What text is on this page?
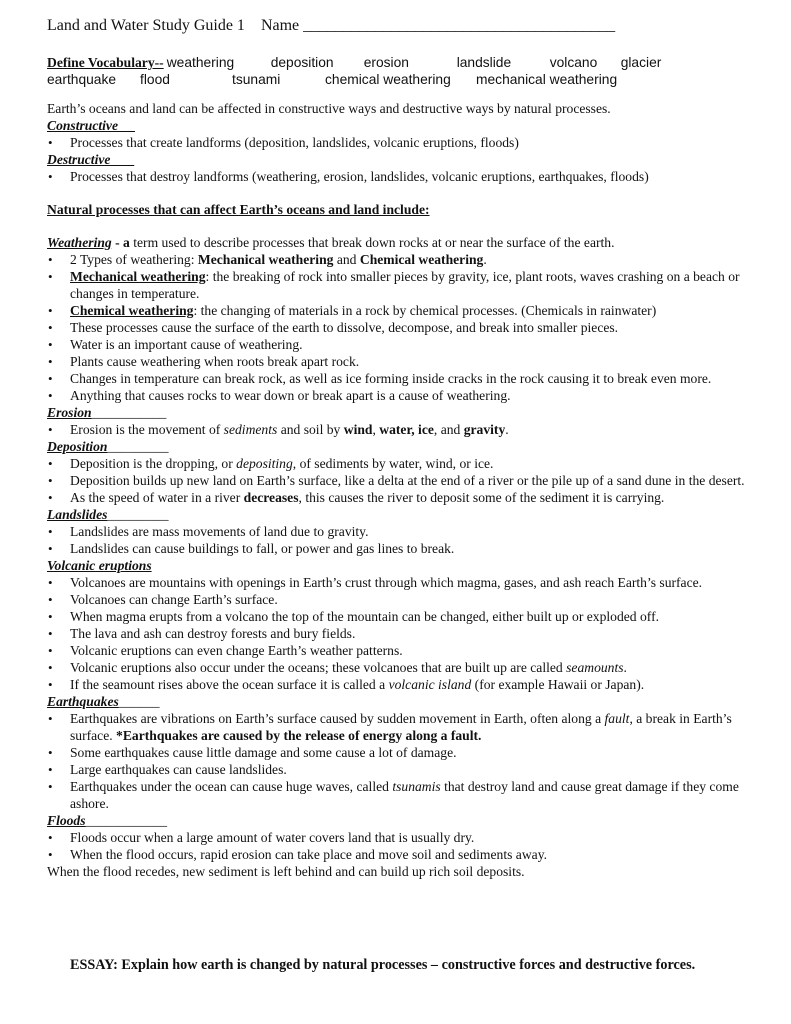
Land and Water Study Guide 1 Name _______________________________________
Define Vocabulary-- weathering	deposition	erosion	landslide	volcano	glacier
earthquake	flood	tsunami	chemical weathering	mechanical weathering

Earth’s oceans and land can be affected in constructive ways and destructive ways by natural processes.

Constructive

• Processes that create landforms (deposition, landslides, volcanic eruptions, floods)

Destructive

• Processes that destroy landforms (weathering, erosion, landslides, volcanic eruptions, earthquakes, floods)

Natural processes that can affect Earth’s oceans and land include:

Weathering - a term used to describe processes that break down rocks at or near the surface of the earth.

• 2 Types of weathering: Mechanical weathering and Chemical weathering.
• Mechanical weathering: the breaking of rock into smaller pieces by gravity, ice, plant roots, waves crashing on a beach or changes in temperature.
• Chemical weathering: the changing of materials in a rock by chemical processes. (Chemicals in rainwater)
• These processes cause the surface of the earth to dissolve, decompose, and break into smaller pieces.
• Water is an important cause of weathering.
• Plants cause weathering when roots break apart rock.
• Changes in temperature can break rock, as well as ice forming inside cracks in the rock causing it to break even more.
• Anything that causes rocks to wear down or break apart is a cause of weathering.

Erosion___________

• Erosion is the movement of sediments and soil by wind, water, ice, and gravity.

Deposition_________

• Deposition is the dropping, or depositing, of sediments by water, wind, or ice.
• Deposition builds up new land on Earth’s surface, like a delta at the end of a river or the pile up of a sand dune in the desert.
• As the speed of water in a river decreases, this causes the river to deposit some of the sediment it is carrying.

Landslides_________

• Landslides are mass movements of land due to gravity.
• Landslides can cause buildings to fall, or power and gas lines to break.

Volcanic eruptions

• Volcanoes are mountains with openings in Earth’s crust through which magma, gases, and ash reach Earth’s surface.
• Volcanoes can change Earth’s surface.
• When magma erupts from a volcano the top of the mountain can be changed, either built up or exploded off.
• The lava and ash can destroy forests and bury fields.
• Volcanic eruptions can even change Earth’s weather patterns.
• Volcanic eruptions also occur under the oceans; these volcanoes that are built up are called seamounts.
• If the seamount rises above the ocean surface it is called a volcanic island (for example Hawaii or Japan).

Earthquakes______

• Earthquakes are vibrations on Earth’s surface caused by sudden movement in Earth, often along a fault, a break in Earth’s surface. *Earthquakes are caused by the release of energy along a fault.
• Some earthquakes cause little damage and some cause a lot of damage.
• Large earthquakes can cause landslides.
• Earthquakes under the ocean can cause huge waves, called tsunamis that destroy land and cause great damage if they come ashore.

Floods____________

• Floods occur when a large amount of water covers land that is usually dry.
• When the flood occurs, rapid erosion can take place and move soil and sediments away.

When the flood recedes, new sediment is left behind and can build up rich soil deposits.

ESSAY: Explain how earth is changed by natural processes – constructive forces and destructive forces.
